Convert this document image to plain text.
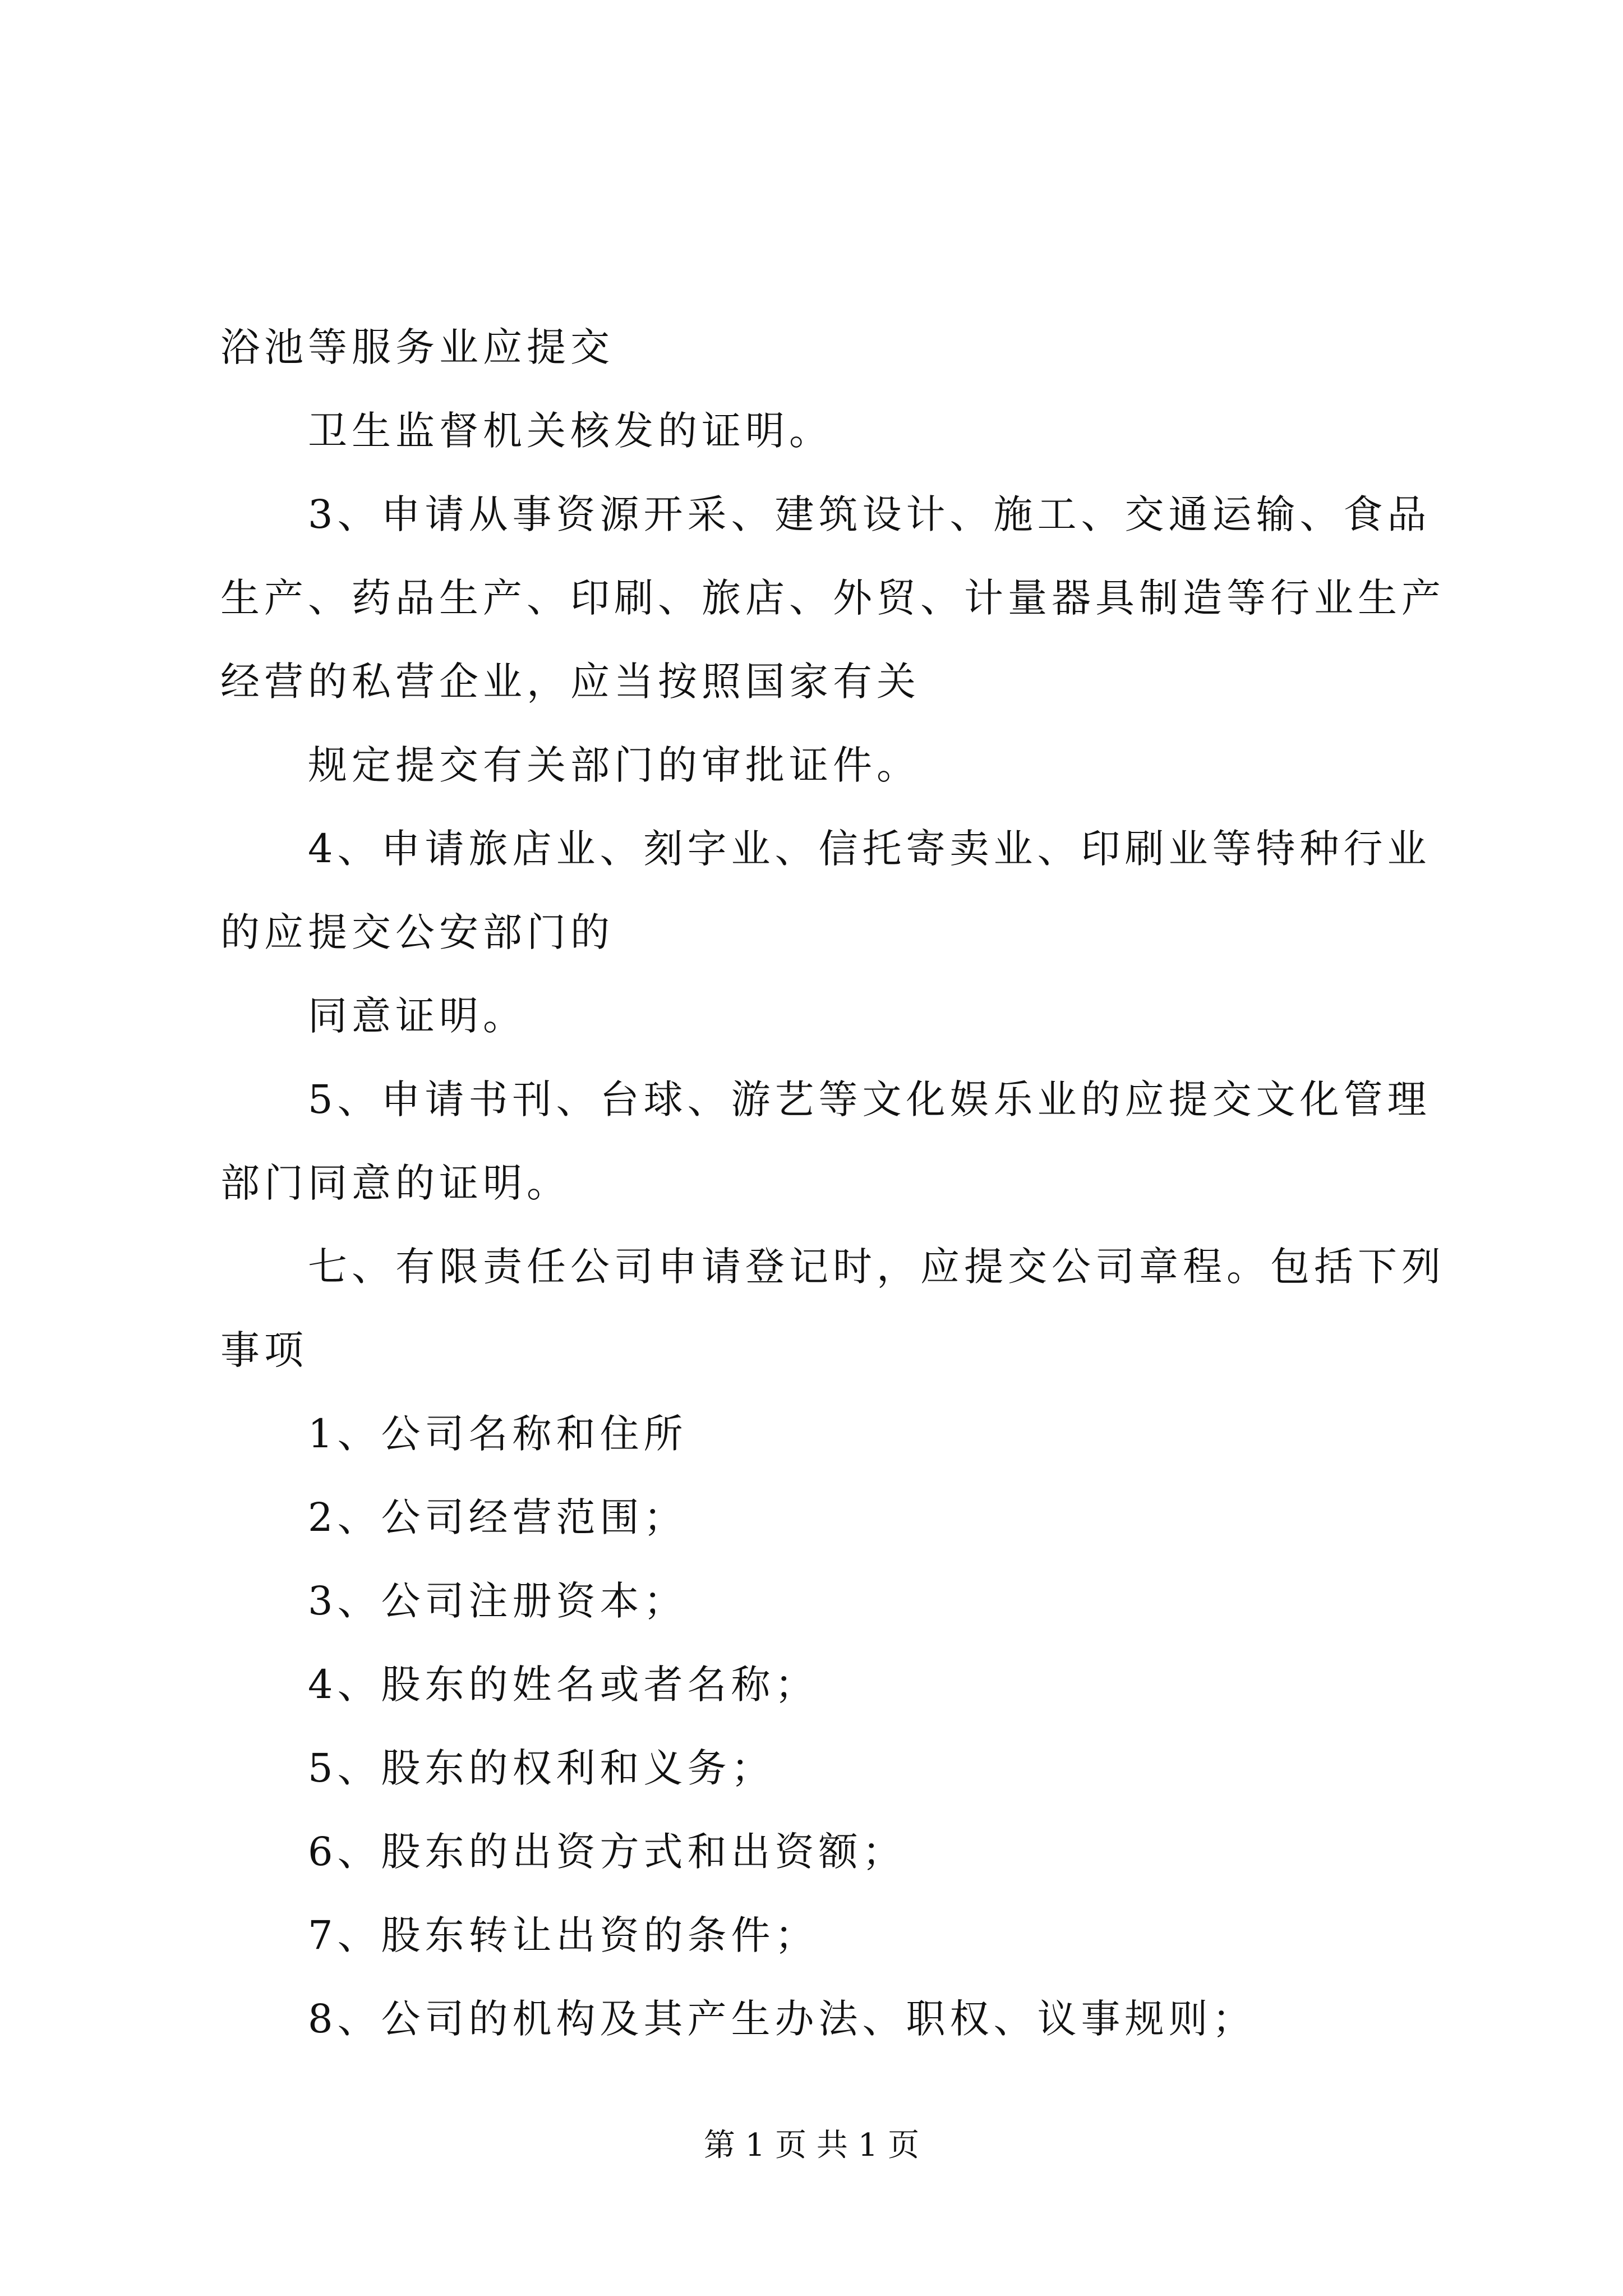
浴池等服务业应提交
卫生监督机关核发的证明。
3、申请从事资源开采、建筑设计、施工、交通运输、食品
生产、药品生产、印刷、旅店、外贸、计量器具制造等行业生产
经营的私营企业，应当按照国家有关
规定提交有关部门的审批证件。
4、申请旅店业、刻字业、信托寄卖业、印刷业等特种行业
的应提交公安部门的
同意证明。
5、申请书刊、台球、游艺等文化娱乐业的应提交文化管理
部门同意的证明。
七、有限责任公司申请登记时，应提交公司章程。包括下列
事项
1、公司名称和住所
2、公司经营范围；
3、公司注册资本；
4、股东的姓名或者名称；
5、股东的权利和义务；
6、股东的出资方式和出资额；
7、股东转让出资的条件；
8、公司的机构及其产生办法、职权、议事规则；
第 1 页 共 1 页
